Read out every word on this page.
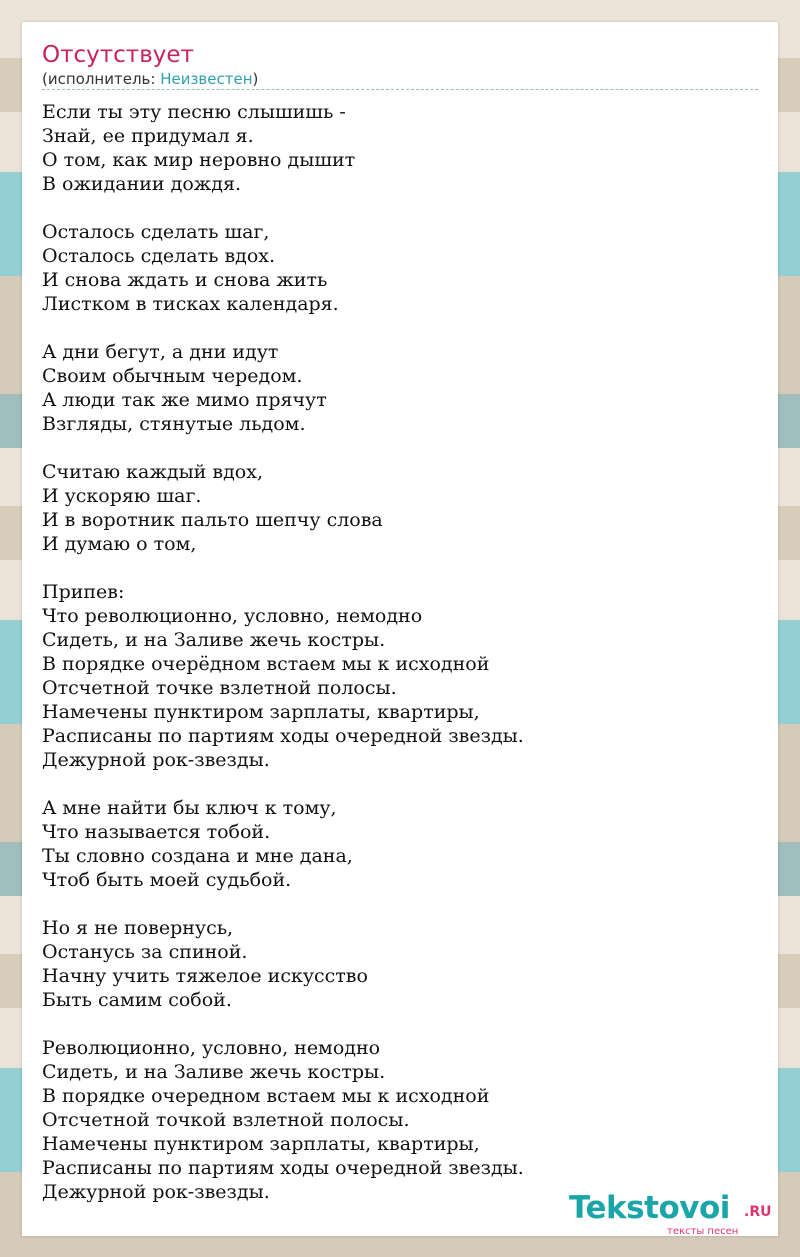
Отсутствует
(исполнитель: Неизвестен)
Если ты эту песню слышишь -
Знай, ее придумал я.
О том, как мир неровно дышит
В ожидании дождя.

Осталось сделать шаг,
Осталось сделать вдох.
И снова ждать и снова жить
Листком в тисках календаря.

А дни бегут, а дни идут
Своим обычным чередом.
А люди так же мимо прячут
Взгляды, стянутые льдом.

Считаю каждый вдох,
И ускоряю шаг.
И в воротник пальто шепчу слова
И думаю о том,

Припев:
Что революционно, условно, немодно
Сидеть, и на Заливе жечь костры.
В порядке очерёдном встаем мы к исходной
Отсчетной точке взлетной полосы.
Намечены пунктиром зарплаты, квартиры,
Расписаны по партиям ходы очередной звезды.
Дежурной рок-звезды.

А мне найти бы ключ к тому,
Что называется тобой.
Ты словно создана и мне дана,
Чтоб быть моей судьбой.

Но я не повернусь,
Останусь за спиной.
Начну учить тяжелое искусство
Быть самим собой.

Революционно, условно, немодно
Сидеть, и на Заливе жечь костры.
В порядке очередном встаем мы к исходной
Отсчетной точкой взлетной полосы.
Намечены пунктиром зарплаты, квартиры,
Расписаны по партиям ходы очередной звезды.
Дежурной рок-звезды.	Tekstovoi .RU
тексты песен
